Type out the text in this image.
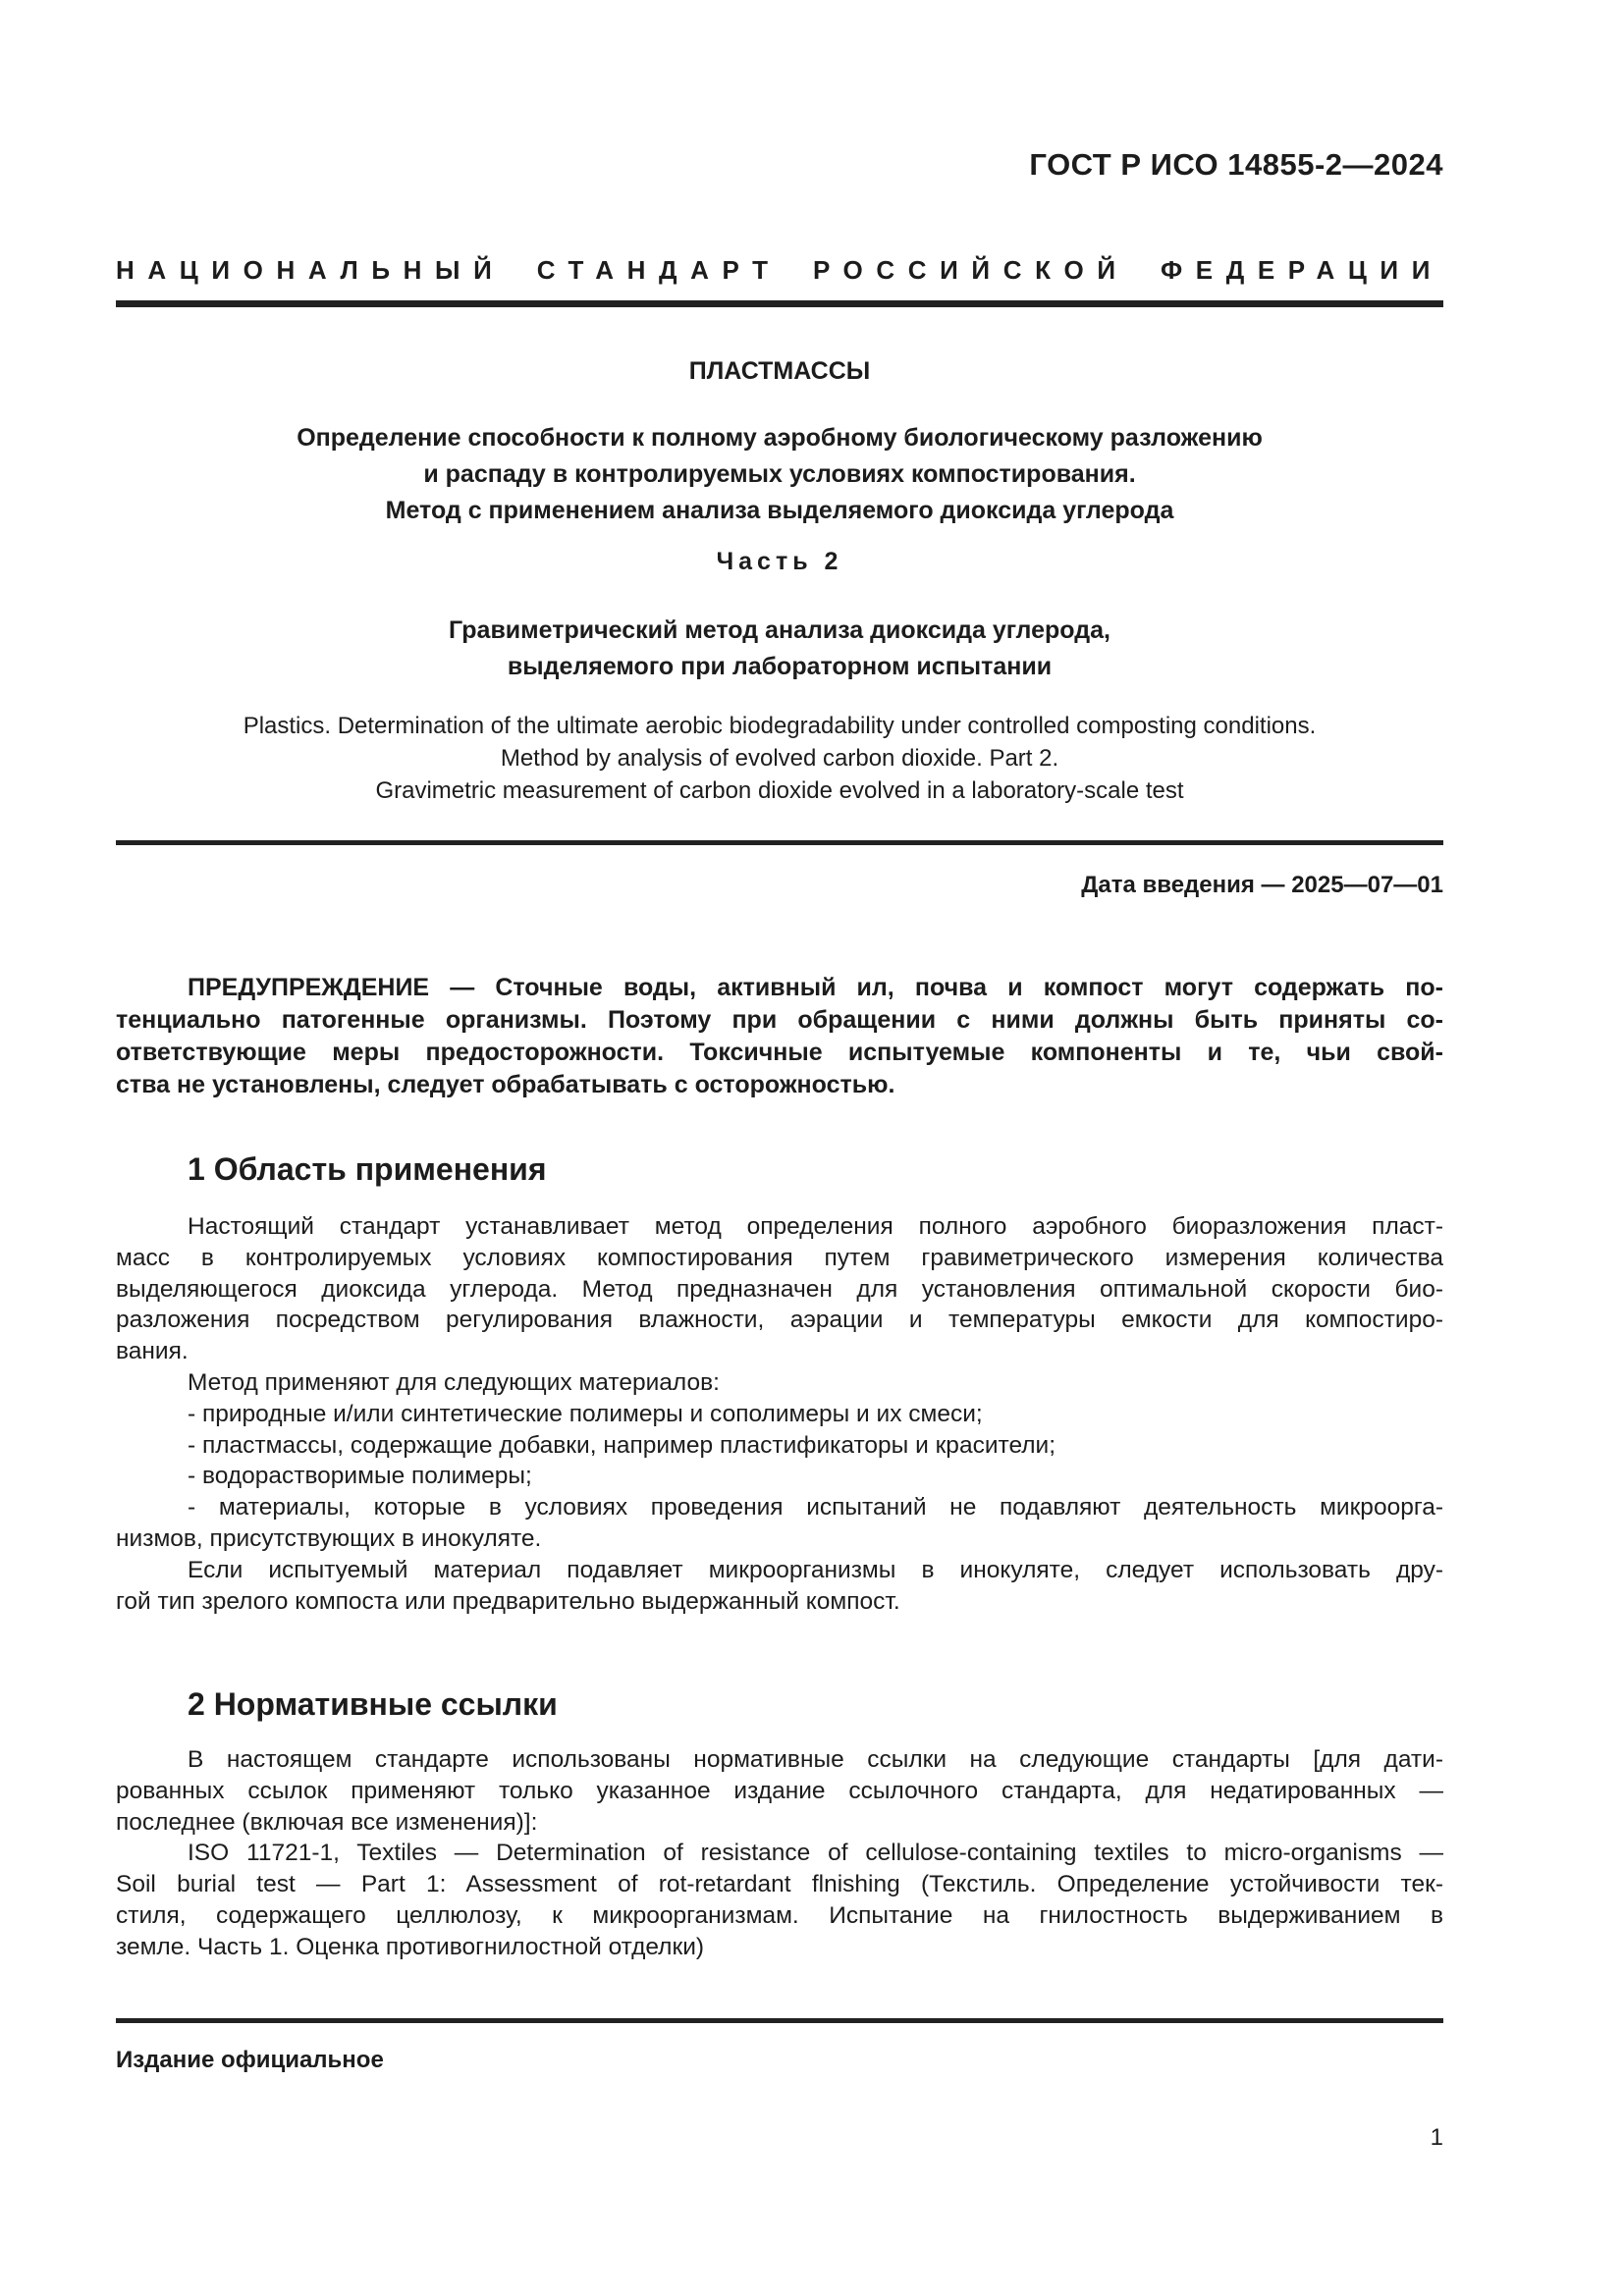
ГОСТ Р ИСО 14855-2—2024
НАЦИОНАЛЬНЫЙ СТАНДАРТ РОССИЙСКОЙ ФЕДЕРАЦИИ
ПЛАСТМАССЫ
Определение способности к полному аэробному биологическому разложению
и распаду в контролируемых условиях компостирования.
Метод с применением анализа выделяемого диоксида углерода
Часть 2
Гравиметрический метод анализа диоксида углерода,
выделяемого при лабораторном испытании
Plastics. Determination of the ultimate aerobic biodegradability under controlled composting conditions.
Method by analysis of evolved carbon dioxide. Part 2.
Gravimetric measurement of carbon dioxide evolved in a laboratory-scale test
Дата введения — 2025—07—01

ПРЕДУПРЕЖДЕНИЕ — Сточные воды, активный ил, почва и компост могут содержать по-

тенциально патогенные организмы. Поэтому при обращении с ними должны быть приняты со-

ответствующие меры предосторожности. Токсичные испытуемые компоненты и те, чьи свой-

ства не установлены, следует обрабатывать с осторожностью.

1 Область применения

Настоящий стандарт устанавливает метод определения полного аэробного биоразложения пласт-

масс в контролируемых условиях компостирования путем гравиметрического измерения количества

выделяющегося диоксида углерода. Метод предназначен для установления оптимальной скорости био-

разложения посредством регулирования влажности, аэрации и температуры емкости для компостиро-

вания.

Метод применяют для следующих материалов:

- природные и/или синтетические полимеры и сополимеры и их смеси;

- пластмассы, содержащие добавки, например пластификаторы и красители;

- водорастворимые полимеры;

- материалы, которые в условиях проведения испытаний не подавляют деятельность микроорга-

низмов, присутствующих в инокуляте.

Если испытуемый материал подавляет микроорганизмы в инокуляте, следует использовать дру-

гой тип зрелого компоста или предварительно выдержанный компост.

2 Нормативные ссылки

В настоящем стандарте использованы нормативные ссылки на следующие стандарты [для дати-

рованных ссылок применяют только указанное издание ссылочного стандарта, для недатированных —

последнее (включая все изменения)]:

ISO 11721-1, Textiles — Determination of resistance of cellulose-containing textiles to micro-organisms —

Soil burial test — Part 1: Assessment of rot-retardant flnishing (Текстиль. Определение устойчивости тек-

стиля, содержащего целлюлозу, к микроорганизмам. Испытание на гнилостность выдерживанием в

земле. Часть 1. Оценка противогнилостной отделки)

Издание официальное
1
